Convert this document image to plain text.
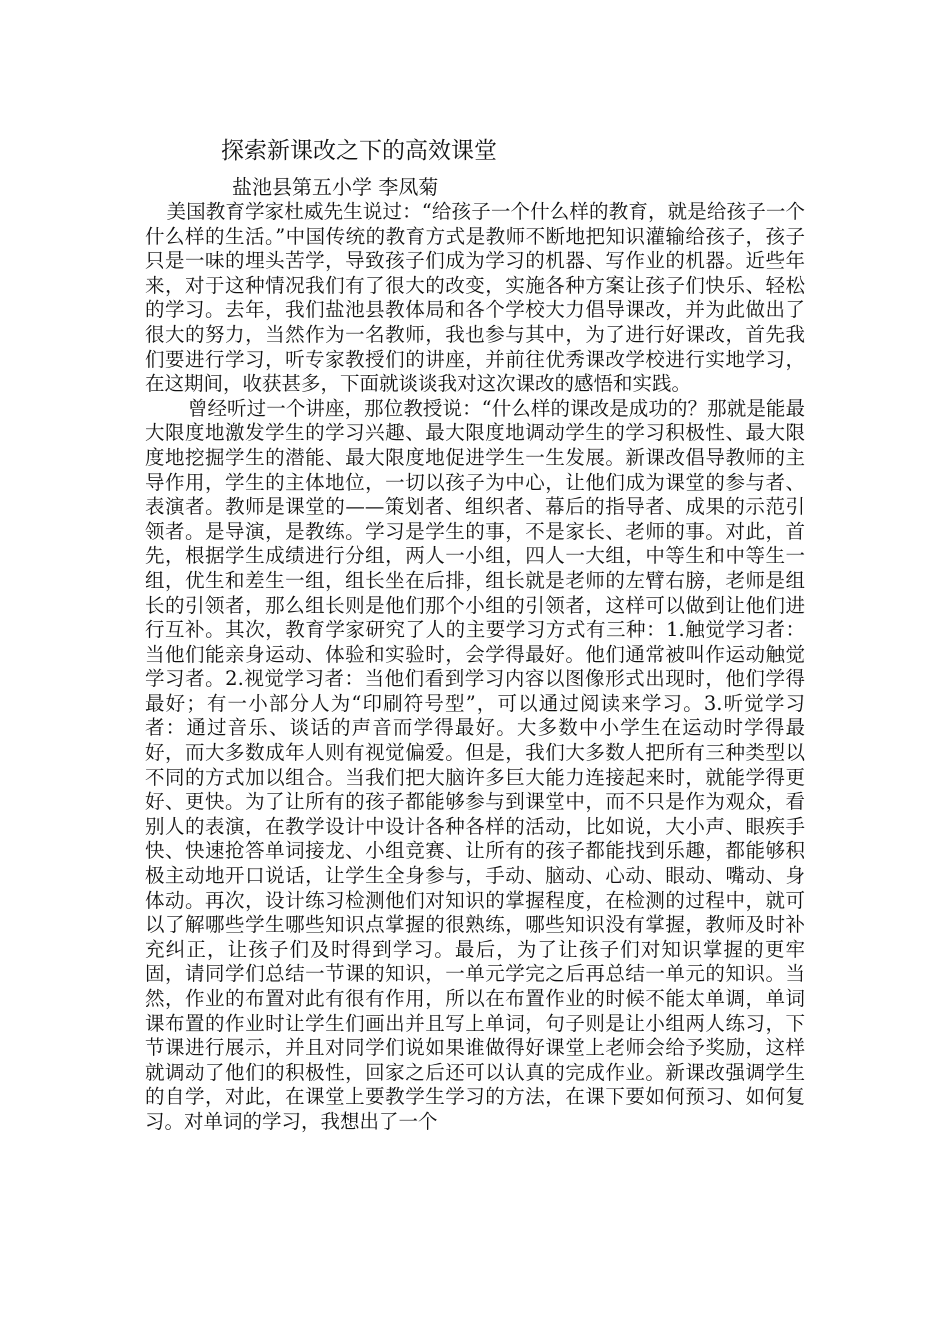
探索新课改之下的高效课堂
盐池县第五小学 李凤菊

美国教育学家杜威先生说过：“给孩子一个什么样的教育，就是给孩子一个什么样的生活。”中国传统的教育方式是教师不断地把知识灌输给孩子，孩子只是一味的埋头苦学，导致孩子们成为学习的机器、写作业的机器。近些年来，对于这种情况我们有了很大的改变，实施各种方案让孩子们快乐、轻松的学习。去年，我们盐池县教体局和各个学校大力倡导课改，并为此做出了很大的努力，当然作为一名教师，我也参与其中，为了进行好课改，首先我们要进行学习，听专家教授们的讲座，并前往优秀课改学校进行实地学习，在这期间，收获甚多，下面就谈谈我对这次课改的感悟和实践。

曾经听过一个讲座，那位教授说：“什么样的课改是成功的？那就是能最大限度地激发学生的学习兴趣、最大限度地调动学生的学习积极性、最大限度地挖掘学生的潜能、最大限度地促进学生一生发展。新课改倡导教师的主导作用，学生的主体地位，一切以孩子为中心，让他们成为课堂的参与者、表演者。教师是课堂的——策划者、组织者、幕后的指导者、成果的示范引领者。是导演，是教练。学习是学生的事，不是家长、老师的事。对此，首先，根据学生成绩进行分组，两人一小组，四人一大组，中等生和中等生一组，优生和差生一组，组长坐在后排，组长就是老师的左臂右膀，老师是组长的引领者，那么组长则是他们那个小组的引领者，这样可以做到让他们进行互补。其次，教育学家研究了人的主要学习方式有三种：1.触觉学习者：当他们能亲身运动、体验和实验时，会学得最好。他们通常被叫作运动触觉学习者。2.视觉学习者：当他们看到学习内容以图像形式出现时，他们学得最好；有一小部分人为“印刷符号型”，可以通过阅读来学习。3.听觉学习者：通过音乐、谈话的声音而学得最好。大多数中小学生在运动时学得最好，而大多数成年人则有视觉偏爱。但是，我们大多数人把所有三种类型以不同的方式加以组合。当我们把大脑许多巨大能力连接起来时，就能学得更好、更快。为了让所有的孩子都能够参与到课堂中，而不只是作为观众，看别人的表演，在教学设计中设计各种各样的活动，比如说，大小声、眼疾手快、快速抢答单词接龙、小组竞赛、让所有的孩子都能找到乐趣，都能够积极主动地开口说话，让学生全身参与，手动、脑动、心动、眼动、嘴动、身体动。再次，设计练习检测他们对知识的掌握程度，在检测的过程中，就可以了解哪些学生哪些知识点掌握的很熟练，哪些知识没有掌握，教师及时补充纠正，让孩子们及时得到学习。最后，为了让孩子们对知识掌握的更牢固，请同学们总结一节课的知识，一单元学完之后再总结一单元的知识。当然，作业的布置对此有很有作用，所以在布置作业的时候不能太单调，单词课布置的作业时让学生们画出并且写上单词，句子则是让小组两人练习，下节课进行展示，并且对同学们说如果谁做得好课堂上老师会给予奖励，这样就调动了他们的积极性，回家之后还可以认真的完成作业。新课改强调学生的自学，对此，在课堂上要教学生学习的方法，在课下要如何预习、如何复习。对单词的学习，我想出了一个
